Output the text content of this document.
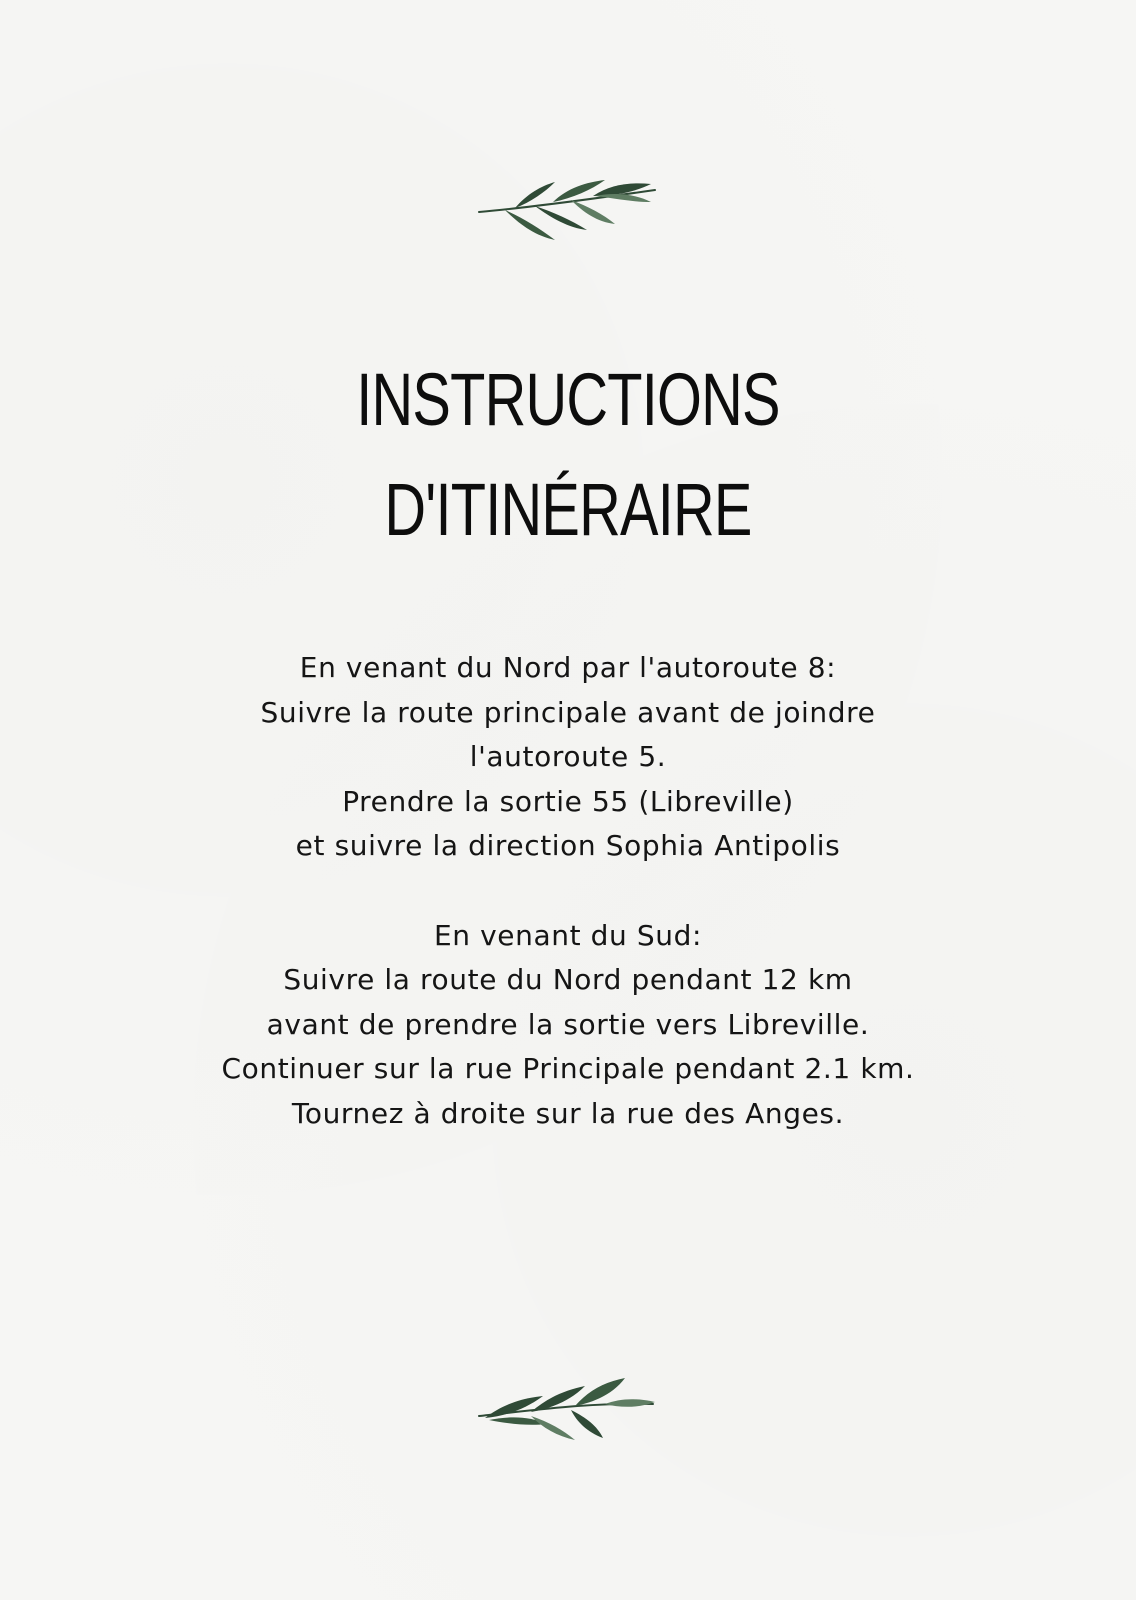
INSTRUCTIONS
D'ITINÉRAIRE
En venant du Nord par l'autoroute 8:
Suivre la route principale avant de joindre
l'autoroute 5.
Prendre la sortie 55 (Libreville)
et suivre la direction Sophia Antipolis
En venant du Sud:
Suivre la route du Nord pendant 12 km
avant de prendre la sortie vers Libreville.
Continuer sur la rue Principale pendant 2.1 km.
Tournez à droite sur la rue des Anges.
